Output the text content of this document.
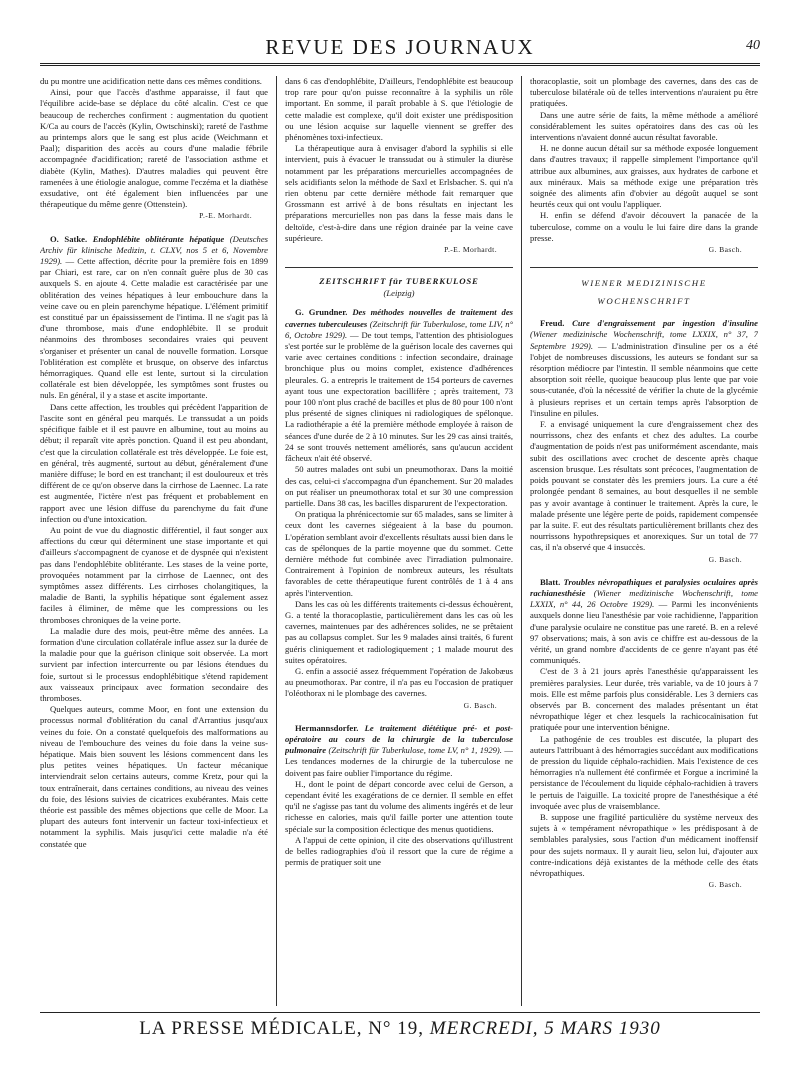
REVUE DES JOURNAUX	40

du pu montre une acidification nette dans ces mêmes conditions.

Ainsi, pour que l'accès d'asthme apparaisse, il faut que l'équilibre acide-base se déplace du côté alcalin. C'est ce que beaucoup de recherches confirment : augmentation du quotient K/Ca au cours de l'accès (Kylin, Owtschinski); rareté de l'asthme au printemps alors que le sang est plus acide (Weichmann et Paal); disparition des accès au cours d'une maladie fébrile accompagnée d'acidification; rareté de l'association asthme et diabète (Kylin, Mathes). D'autres maladies qui peuvent être ramenées à une étiologie analogue, comme l'eczéma et la diathèse exsudative, ont été également bien influencées par une thérapeutique du même genre (Ottenstein).

P.-E. Morhardt.

O. Satke. Endophlébite oblitérante hépatique (Deutsches Archiv für klinische Medizin, t. CLXV, nos 5 et 6, Novembre 1929). — Cette affection, décrite pour la première fois en 1899 par Chiari, est rare, car on n'en connaît guère plus de 30 cas auxquels S. en ajoute 4. Cette maladie est caractérisée par une oblitération des veines hépatiques à leur embouchure dans la veine cave ou en plein parenchyme hépatique. L'élément primitif est constitué par un épaississement de l'intima. Il ne s'agit pas là d'une thrombose, mais d'une endophlébite. Il se produit néanmoins des thromboses secondaires vraies qui peuvent s'organiser et présenter un canal de nouvelle formation. Lorsque l'oblitération est complète et brusque, on observe des infarctus hémorragiques. Quand elle est lente, surtout si la circulation collatérale est bien développée, les symptômes sont frustes ou nuls. En général, il y a stase et ascite importante.

Dans cette affection, les troubles qui précèdent l'apparition de l'ascite sont en général peu marqués. Le transsudat a un poids spécifique faible et il est pauvre en albumine, tout au moins au début; il reparaît vite après ponction. Quand il est peu abondant, c'est que la circulation collatérale est très développée. Le foie est, en général, très augmenté, surtout au début, généralement d'une manière diffuse; le bord en est tranchant; il est douloureux et très différent de ce qu'on observe dans la cirrhose de Laennec. La rate est augmentée, l'ictère n'est pas fréquent et probablement en rapport avec une lésion diffuse du parenchyme du fait d'une infection ou d'une intoxication.

Au point de vue du diagnostic différentiel, il faut songer aux affections du cœur qui déterminent une stase importante et qui d'ailleurs s'accompagnent de cyanose et de dyspnée qui n'existent pas dans l'endophlébite oblitérante. Les stases de la veine porte, provoquées notamment par la cirrhose de Laennec, ont des symptômes assez différents. Les cirrhoses cholangitiques, la maladie de Banti, la syphilis hépatique sont également assez faciles à éliminer, de même que les compressions ou les thromboses chroniques de la veine porte.

La maladie dure des mois, peut-être même des années. La formation d'une circulation collatérale influe assez sur la durée de la maladie pour que la guérison clinique soit observée. La mort survient par infection intercurrente ou par lésions étendues du foie, surtout si le processus endophlébitique s'étend rapidement aux vaisseaux principaux avec formation secondaire des thromboses.

Quelques auteurs, comme Moor, en font une extension du processus normal d'oblitération du canal d'Arrantius jusqu'aux veines du foie. On a constaté quelquefois des malformations au niveau de l'embouchure des veines du foie dans la veine sus-hépatique. Mais bien souvent les lésions commencent dans les plus petites veines hépatiques. Un facteur mécanique interviendrait selon certains auteurs, comme Kretz, pour qui la toux entraînerait, dans certaines conditions, au niveau des veines du foie, des lésions suivies de cicatrices exubérantes. Mais cette théorie est passible des mêmes objections que celle de Moor. La plupart des auteurs font intervenir un facteur toxi-infectieux et notamment la syphilis. Mais jusqu'ici cette maladie n'a été constatée que

dans 6 cas d'endophlébite, D'ailleurs, l'endophlébite est beaucoup trop rare pour qu'on puisse reconnaître à la syphilis un rôle important. En somme, il paraît probable à S. que l'étiologie de cette maladie est complexe, qu'il doit exister une prédisposition ou une lésion acquise sur laquelle viennent se greffer des phénomènes toxi-infectieux.

La thérapeutique aura à envisager d'abord la syphilis si elle intervient, puis à évacuer le transsudat ou à stimuler la diurèse notamment par les préparations mercurielles accompagnées de sels acidifiants selon la méthode de Saxl et Erlsbacher. S. qui n'a rien obtenu par cette dernière méthode fait remarquer que Grossmann est arrivé à de bons résultats en injectant les préparations mercurielles non pas dans la fesse mais dans le deltoïde, c'est-à-dire dans une région drainée par la veine cave supérieure.

P.-E. Morhardt.
ZEITSCHRIFT für TUBERKULOSE
(Leipzig)

G. Grundner. Des méthodes nouvelles de traitement des cavernes tuberculeuses (Zeitschrift für Tuberkulose, tome LIV, n° 6, Octobre 1929). — De tout temps, l'attention des phtisiologues s'est portée sur le problème de la guérison locale des cavernes qui varie avec certaines conditions : infection secondaire, drainage bronchique plus ou moins complet, existence d'adhérences pleurales. G. a entrepris le traitement de 154 porteurs de cavernes ayant tous une expectoration bacillifère ; après traitement, 73 pour 100 n'ont plus craché de bacilles et plus de 80 pour 100 n'ont plus présenté de signes cliniques ni radiologiques de spélonque. La radiothérapie a été la première méthode employée à raison de séances d'une durée de 2 à 10 minutes. Sur les 29 cas ainsi traités, 24 se sont trouvés nettement améliorés, sans qu'aucun accident fâcheux n'ait été observé.

50 autres malades ont subi un pneumothorax. Dans la moitié des cas, celui-ci s'accompagna d'un épanchement. Sur 20 malades on put réaliser un pneumothorax total et sur 30 une compression partielle. Dans 38 cas, les bacilles disparurent de l'expectoration.

On pratiqua la phrénicectomie sur 65 malades, sans se limiter à ceux dont les cavernes siégeaient à la base du poumon. L'opération semblant avoir d'excellents résultats aussi bien dans le cas de spélonques de la partie moyenne que du sommet. Cette dernière méthode fut combinée avec l'irradiation pulmonaire. Contrairement à l'opinion de nombreux auteurs, les résultats favorables de cette thérapeutique furent contrôlés de 1 à 4 ans après l'intervention.

Dans les cas où les différents traitements ci-dessus échouèrent, G. a tenté la thoracoplastie, particulièrement dans les cas où les cavernes, maintenues par des adhérences solides, ne se prêtaient pas au collapsus complet. Sur les 9 malades ainsi traités, 6 furent guéris cliniquement et radiologiquement ; 1 malade mourut des suites opératoires.

G. enfin a associé assez fréquemment l'opération de Jakobæus au pneumothorax. Par contre, il n'a pas eu l'occasion de pratiquer l'oléothorax ni le plombage des cavernes.

G. Basch.

Hermannsdorfer. Le traitement diététique pré- et post-opératoire au cours de la chirurgie de la tuberculose pulmonaire (Zeitschrift für Tuberkulose, tome LV, n° 1, 1929). — Les tendances modernes de la chirurgie de la tuberculose ne doivent pas faire oublier l'importance du régime.

H., dont le point de départ concorde avec celui de Gerson, a cependant évité les exagérations de ce dernier. Il semble en effet qu'il ne s'agisse pas tant du volume des aliments ingérés et de leur richesse en calories, mais qu'il faille porter une attention toute spéciale sur la composition éclectique des menus quotidiens.

A l'appui de cette opinion, il cite des observations qu'illustrent de belles radiographies d'où il ressort que la cure de régime a permis de pratiquer soit une

thoracoplastie, soit un plombage des cavernes, dans des cas de tuberculose bilatérale où de telles interventions n'auraient pu être pratiquées.

Dans une autre série de faits, la même méthode a amélioré considérablement les suites opératoires dans des cas où les interventions n'avaient donné aucun résultat favorable.

H. ne donne aucun détail sur sa méthode exposée longuement dans d'autres travaux; il rappelle simplement l'importance qu'il attribue aux albumines, aux graisses, aux hydrates de carbone et aux minéraux. Mais sa méthode exige une préparation très soignée des aliments afin d'obvier au dégoût auquel se sont heurtés ceux qui ont voulu l'appliquer.

H. enfin se défend d'avoir découvert la panacée de la tuberculose, comme on a voulu le lui faire dire dans la grande presse.

G. Basch.
WIENER MEDIZINISCHE
WOCHENSCHRIFT

Freud. Cure d'engraissement par ingestion d'insuline (Wiener medizinische Wochenschrift, tome LXXIX, n° 37, 7 Septembre 1929). — L'administration d'insuline per os a été l'objet de nombreuses discussions, les auteurs se fondant sur sa résorption médiocre par l'intestin. Il semble néanmoins que cette absorption soit réelle, quoique beaucoup plus lente que par voie sous-cutanée, d'où la nécessité de vérifier la chute de la glycémie à plusieurs reprises et un certain temps après l'absorption de l'insuline en pilules.

F. a envisagé uniquement la cure d'engraissement chez des nourrissons, chez des enfants et chez des adultes. La courbe d'augmentation de poids n'est pas uniformément ascendante, mais subit des oscillations avec crochet de descente après chaque ascension brusque. Les résultats sont précoces, l'augmentation de poids pouvant se constater dès les premiers jours. La cure a été prolongée pendant 8 semaines, au bout desquelles il ne semble pas y avoir avantage à continuer le traitement. Après la cure, le malade présente une légère perte de poids, rapidement compensée par la suite. F. eut des résultats particulièrement brillants chez des nourrissons hypothrepsiques et anorexiques. Sur un total de 77 cas, il n'a observé que 4 insuccès.

G. Basch.

Blatt. Troubles névropathiques et paralysies oculaires après rachianesthésie (Wiener medizinische Wochenschrift, tome LXXIX, n° 44, 26 Octobre 1929). — Parmi les inconvénients auxquels donne lieu l'anesthésie par voie rachidienne, l'apparition d'une paralysie oculaire ne constitue pas une rareté. B. en a relevé 97 observations; mais, à son avis ce chiffre est au-dessous de la vérité, un grand nombre d'accidents de ce genre n'ayant pas été communiqués.

C'est de 3 à 21 jours après l'anesthésie qu'apparaissent les premières paralysies. Leur durée, très variable, va de 10 jours à 7 mois. Elle est même parfois plus considérable. Les 3 derniers cas observés par B. concernent des malades présentant un état névropathique léger et chez lesquels la rachicocaïnisation fut pratiquée pour une intervention bénigne.

La pathogénie de ces troubles est discutée, la plupart des auteurs l'attribuant à des hémorragies succédant aux modifications de pression du liquide céphalo-rachidien. Mais l'existence de ces hémorragies n'a nullement été confirmée et Forgue a incriminé la persistance de l'écoulement du liquide céphalo-rachidien à travers le pertuis de l'aiguille. La toxicité propre de l'anesthésique a été invoquée avec plus de vraisemblance.

B. suppose une fragilité particulière du système nerveux des sujets à « tempérament névropathique » les prédisposant à de semblables paralysies, sous l'action d'un médicament inoffensif pour des sujets normaux. Il y aurait lieu, selon lui, d'ajouter aux contre-indications déjà existantes de la méthode celle des états névropathiques.

G. Basch.
LA PRESSE MÉDICALE, N° 19, MERCREDI, 5 MARS 1930
